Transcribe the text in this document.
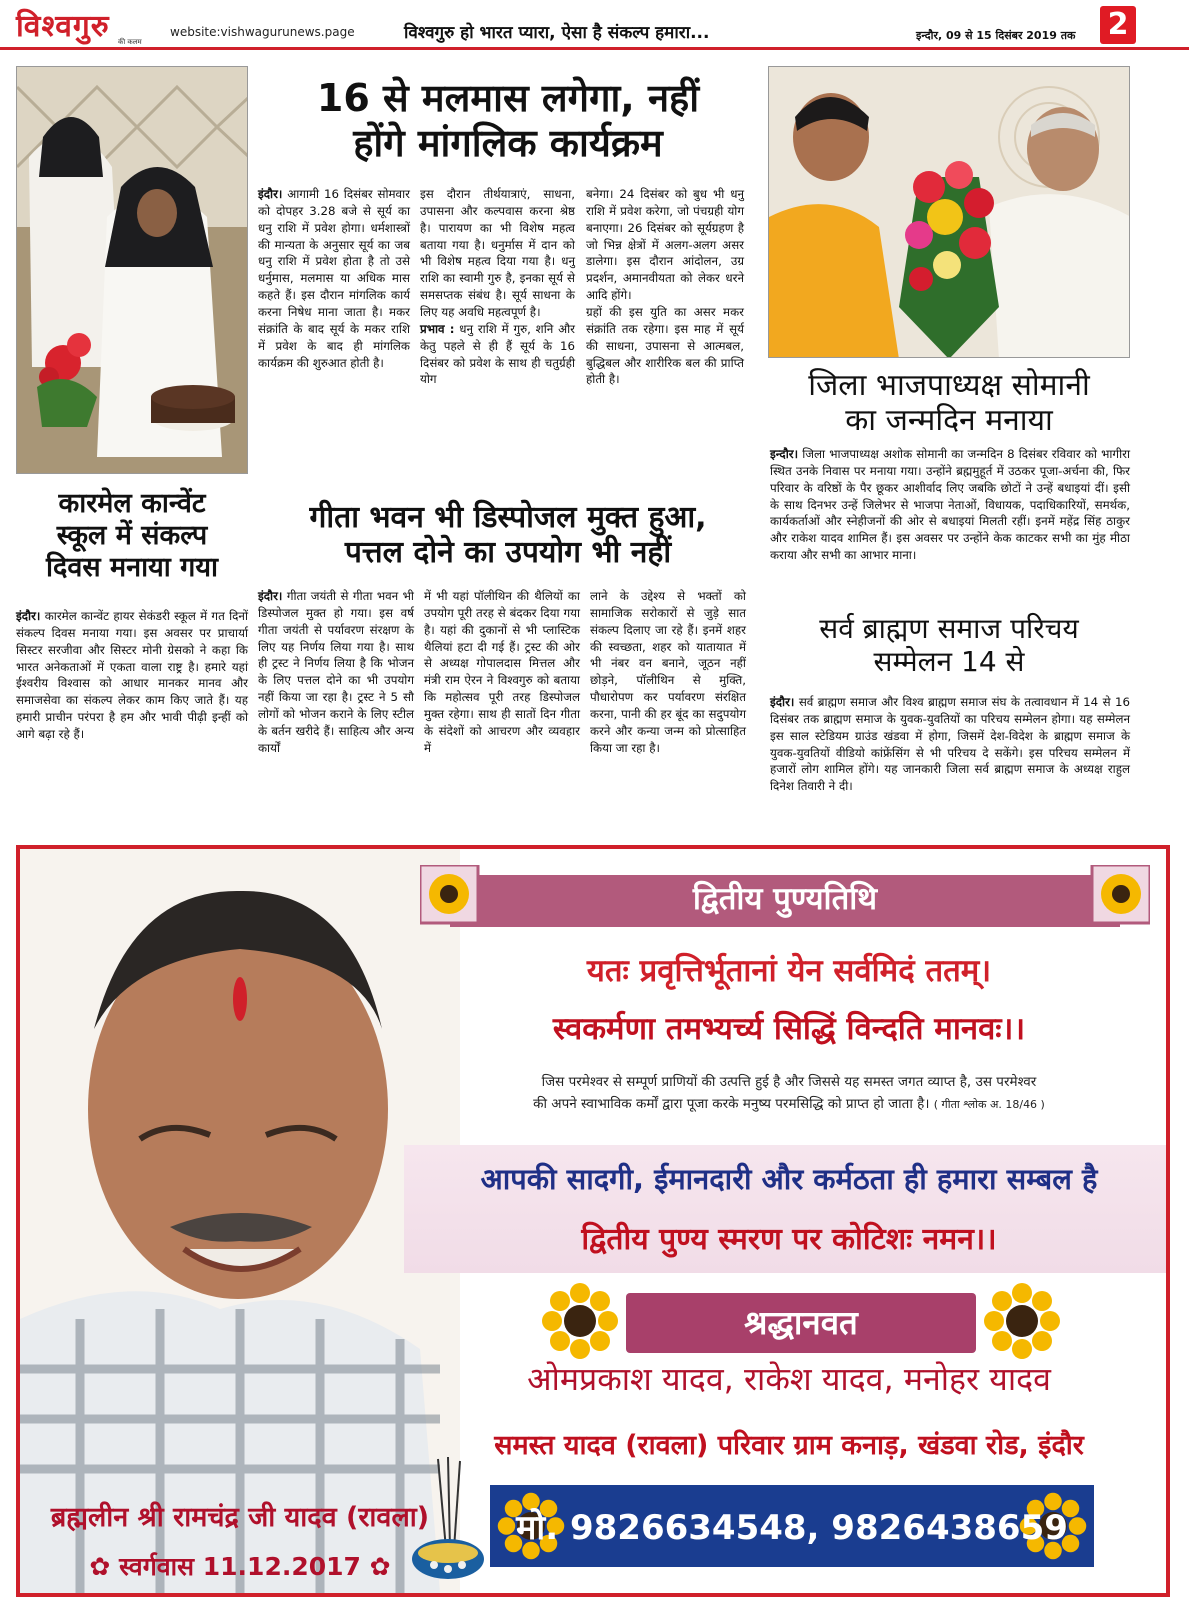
विश्वगुरु की कलम
website:vishwagurunews.page	विश्वगुरु हो भारत प्यारा, ऐसा है संकल्प हमारा...	इन्दौर, 09 से 15 दिसंबर 2019 तक 2
16 से मलमास लगेगा, नहीं
होंगे मांगलिक कार्यक्रम

इंदौर। आगामी 16 दिसंबर सोमवार को दोपहर 3.28 बजे से सूर्य का धनु राशि में प्रवेश होगा। धर्मशास्त्रों की मान्यता के अनुसार सूर्य का जब धनु राशि में प्रवेश होता है तो उसे धर्नुमास, मलमास या अधिक मास कहते हैं। इस दौरान मांगलिक कार्य करना निषेध माना जाता है। मकर संक्रांति के बाद सूर्य के मकर राशि में प्रवेश के बाद ही मांगलिक कार्यक्रम की शुरुआत होती है।

इस दौरान तीर्थयात्राएं, साधना, उपासना और कल्पवास करना श्रेष्ठ है। पारायण का भी विशेष महत्व बताया गया है। धनुर्मास में दान को भी विशेष महत्व दिया गया है। धनु राशि का स्वामी गुरु है, इनका सूर्य से समसप्तक संबंध है। सूर्य साधना के लिए यह अवधि महत्वपूर्ण है।

प्रभाव : धनु राशि में गुरु, शनि और केतु पहले से ही हैं सूर्य के 16 दिसंबर को प्रवेश के साथ ही चतुर्ग्रही योग

बनेगा। 24 दिसंबर को बुध भी धनु राशि में प्रवेश करेगा, जो पंचग्रही योग बनाएगा। 26 दिसंबर को सूर्यग्रहण है जो भिन्न क्षेत्रों में अलग-अलग असर डालेगा। इस दौरान आंदोलन, उग्र प्रदर्शन, अमानवीयता को लेकर धरने आदि होंगे।

ग्रहों की इस युति का असर मकर संक्रांति तक रहेगा। इस माह में सूर्य की साधना, उपासना से आत्मबल, बुद्धिबल और शारीरिक बल की प्राप्ति होती है।	जिला भाजपाध्यक्ष सोमानी
का जन्मदिन मनाया

इन्दौर। जिला भाजपाध्यक्ष अशोक सोमानी का जन्मदिन 8 दिसंबर रविवार को भागीरा स्थित उनके निवास पर मनाया गया। उन्होंने ब्रह्ममुहूर्त में उठकर पूजा-अर्चना की, फिर परिवार के वरिष्ठों के पैर छूकर आशीर्वाद लिए जबकि छोटों ने उन्हें बधाइयां दीं। इसी के साथ दिनभर उन्हें जिलेभर से भाजपा नेताओं, विधायक, पदाधिकारियों, समर्थक, कार्यकर्ताओं और स्नेहीजनों की ओर से बधाइयां मिलती रहीं। इनमें महेंद्र सिंह ठाकुर और राकेश यादव शामिल हैं। इस अवसर पर उन्होंने केक काटकर सभी का मुंह मीठा कराया और सभी का आभार माना।

कारमेल कान्वेंट
स्कूल में संकल्प
दिवस मनाया गया

इंदौर। कारमेल कान्वेंट हायर सेकंडरी स्कूल में गत दिनों संकल्प दिवस मनाया गया। इस अवसर पर प्राचार्या सिस्टर सरजीवा और सिस्टर मोनी ग्रेसको ने कहा कि भारत अनेकताओं में एकता वाला राष्ट्र है। हमारे यहां ईश्वरीय विश्वास को आधार मानकर मानव और समाजसेवा का संकल्प लेकर काम किए जाते हैं। यह हमारी प्राचीन परंपरा है हम और भावी पीढ़ी इन्हीं को आगे बढ़ा रहे हैं।

गीता भवन भी डिस्पोजल मुक्त हुआ,
पत्तल दोने का उपयोग भी नहीं

इंदौर। गीता जयंती से गीता भवन भी डिस्पोजल मुक्त हो गया। इस वर्ष गीता जयंती से पर्यावरण संरक्षण के लिए यह निर्णय लिया गया है। साथ ही ट्रस्ट ने निर्णय लिया है कि भोजन के लिए पत्तल दोने का भी उपयोग नहीं किया जा रहा है। ट्रस्ट ने 5 सौ लोगों को भोजन कराने के लिए स्टील के बर्तन खरीदे हैं। साहित्य और अन्य कार्यों

में भी यहां पॉलीथिन की थैलियों का उपयोग पूरी तरह से बंदकर दिया गया है। यहां की दुकानों से भी प्लास्टिक थैलियां हटा दी गई हैं। ट्रस्ट की ओर से अध्यक्ष गोपालदास मित्तल और मंत्री राम ऐरन ने विश्वगुरु को बताया कि महोत्सव पूरी तरह डिस्पोजल मुक्त रहेगा। साथ ही सातों दिन गीता के संदेशों को आचरण और व्यवहार में

लाने के उद्देश्य से भक्तों को सामाजिक सरोकारों से जुड़े सात संकल्प दिलाए जा रहे हैं। इनमें शहर की स्वच्छता, शहर को यातायात में भी नंबर वन बनाने, जूठन नहीं छोड़ने, पॉलीथिन से मुक्ति, पौधारोपण कर पर्यावरण संरक्षित करना, पानी की हर बूंद का सदुपयोग करने और कन्या जन्म को प्रोत्साहित किया जा रहा है।

सर्व ब्राह्मण समाज परिचय
सम्मेलन 14 से

इंदौर। सर्व ब्राह्मण समाज और विश्व ब्राह्मण समाज संघ के तत्वावधान में 14 से 16 दिसंबर तक ब्राह्मण समाज के युवक-युवतियों का परिचय सम्मेलन होगा। यह सम्मेलन इस साल स्टेडियम ग्राउंड खंडवा में होगा, जिसमें देश-विदेश के ब्राह्मण समाज के युवक-युवतियों वीडियो कांफ्रेंसिंग से भी परिचय दे सकेंगे। इस परिचय सम्मेलन में हजारों लोग शामिल होंगे। यह जानकारी जिला सर्व ब्राह्मण समाज के अध्यक्ष राहुल दिनेश तिवारी ने दी।

ब्रह्मलीन श्री रामचंद्र जी यादव (रावला)
✿ स्वर्गवास 11.12.2017 ✿
द्वितीय पुण्यतिथि
यतः प्रवृत्तिर्भूतानां येन सर्वमिदं ततम्।
स्वकर्मणा तमभ्यर्च्य सिद्धिं विन्दति मानवः।।
जिस परमेश्वर से सम्पूर्ण प्राणियों की उत्पत्ति हुई है और जिससे यह समस्त जगत व्याप्त है, उस परमेश्वर
की अपने स्वाभाविक कर्मों द्वारा पूजा करके मनुष्य परमसिद्धि को प्राप्त हो जाता है। ( गीता श्लोक अ. 18/46 )
आपकी सादगी, ईमानदारी और कर्मठता ही हमारा सम्बल है
द्वितीय पुण्य स्मरण पर कोटिशः नमन।।
श्रद्धानवत
ओमप्रकाश यादव, राकेश यादव, मनोहर यादव
समस्त यादव (रावला) परिवार ग्राम कनाड़, खंडवा रोड, इंदौर
मो. 9826634548, 9826438659
